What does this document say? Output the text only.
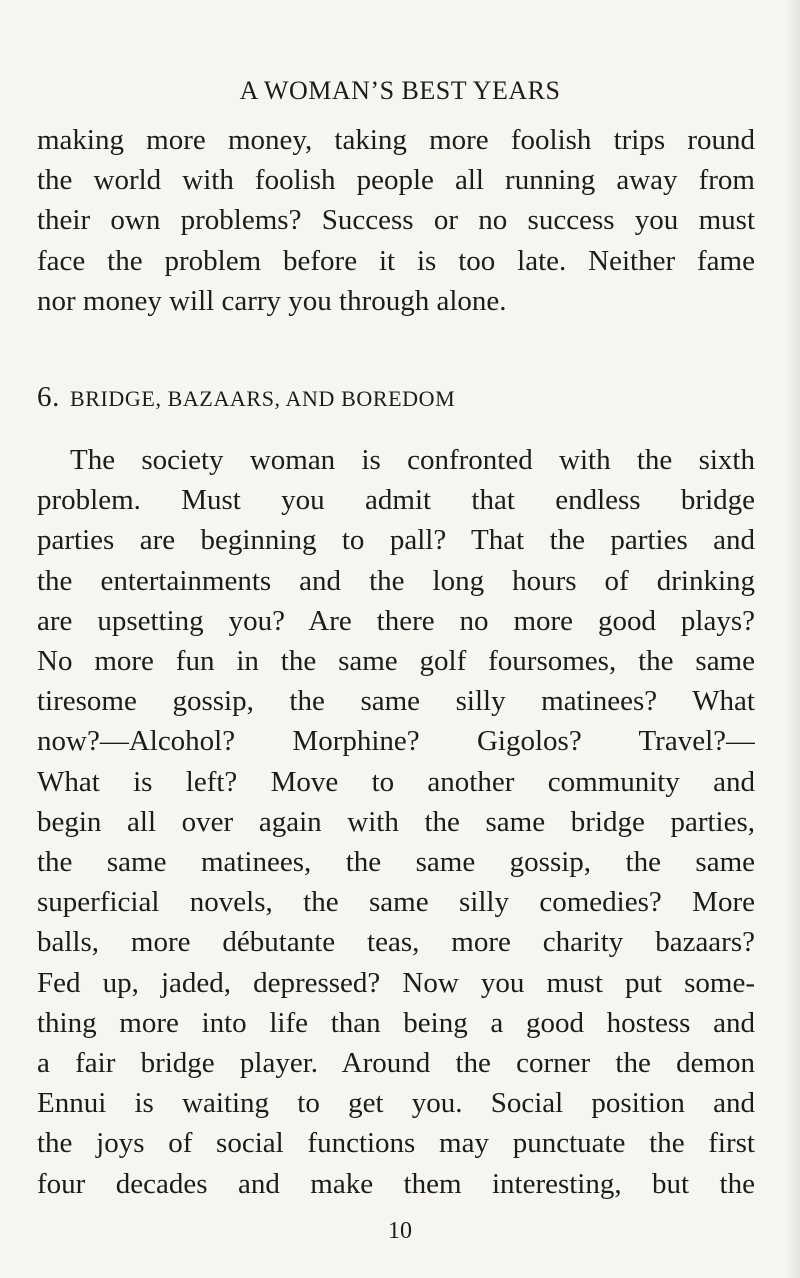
A WOMAN’S BEST YEARS
making more money, taking more foolish trips round
the world with foolish people all running away from
their own problems? Success or no success you must
face the problem before it is too late. Neither fame
nor money will carry you through alone.
6. BRIDGE, BAZAARS, AND BOREDOM
The society woman is confronted with the sixth
problem. Must you admit that endless bridge
parties are beginning to pall? That the parties and
the entertainments and the long hours of drinking
are upsetting you? Are there no more good plays?
No more fun in the same golf foursomes, the same
tiresome gossip, the same silly matinees? What
now?—Alcohol? Morphine? Gigolos? Travel?—
What is left? Move to another community and
begin all over again with the same bridge parties,
the same matinees, the same gossip, the same
superficial novels, the same silly comedies? More
balls, more débutante teas, more charity bazaars?
Fed up, jaded, depressed? Now you must put some-
thing more into life than being a good hostess and
a fair bridge player. Around the corner the demon
Ennui is waiting to get you. Social position and
the joys of social functions may punctuate the first
four decades and make them interesting, but the
10
